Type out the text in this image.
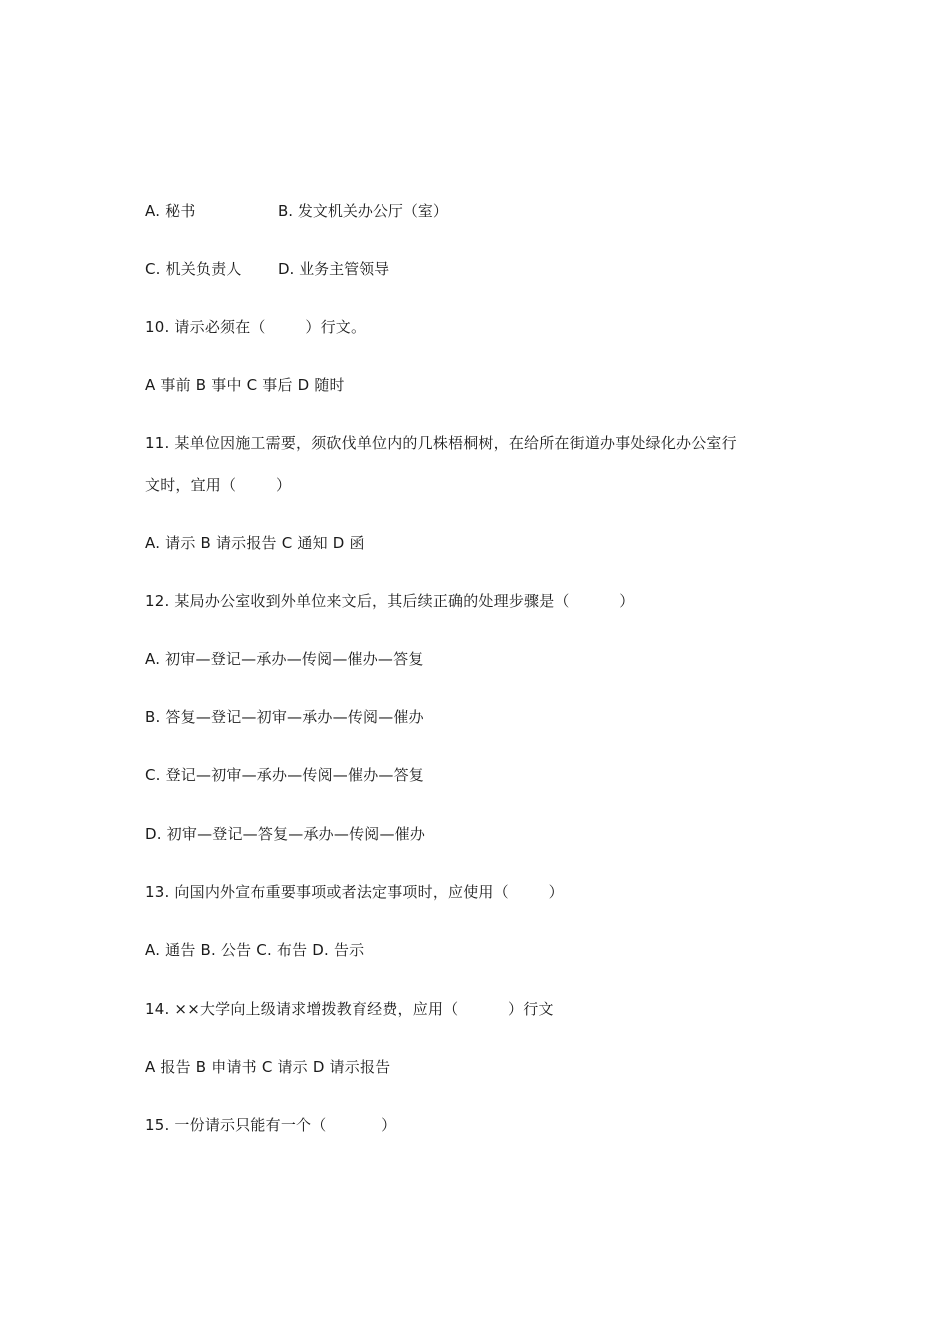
A. 秘书	B. 发文机关办公厅（室）
C. 机关负责人 D. 业务主管领导
10. 请示必须在（        ）行文。
A 事前 B 事中 C 事后 D 随时
11. 某单位因施工需要，须砍伐单位内的几株梧桐树，在给所在街道办事处绿化办公室行
文时，宜用（        ）
A. 请示 B 请示报告 C 通知 D 函
12. 某局办公室收到外单位来文后，其后续正确的处理步骤是（          ）
A. 初审—登记—承办—传阅—催办—答复
B. 答复—登记—初审—承办—传阅—催办
C. 登记—初审—承办—传阅—催办—答复
D. 初审—登记—答复—承办—传阅—催办
13. 向国内外宣布重要事项或者法定事项时，应使用（        ）
A. 通告 B. 公告 C. 布告 D. 告示
14. ××大学向上级请求增拨教育经费，应用（          ）行文
A 报告 B 申请书 C 请示 D 请示报告
15. 一份请示只能有一个（           ）
